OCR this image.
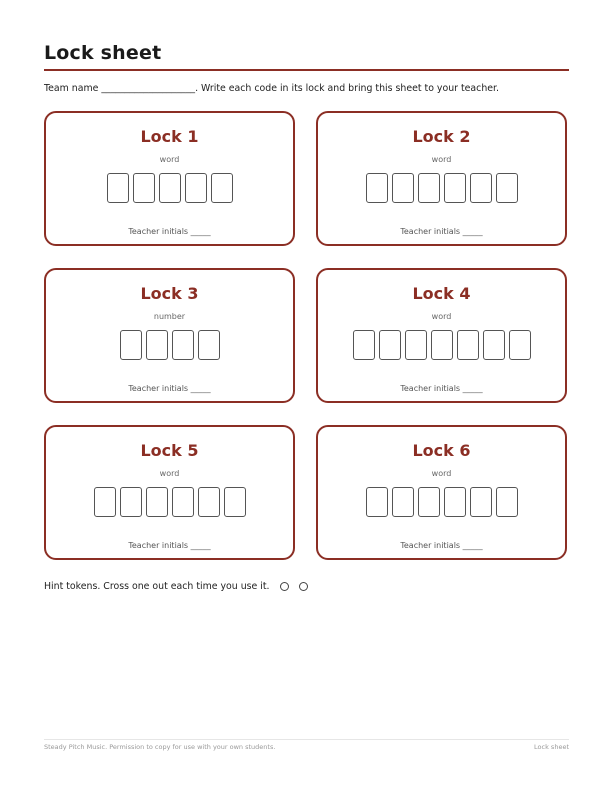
Lock sheet
Team name ____________________. Write each code in its lock and bring this sheet to your teacher.
Lock 1
word
Teacher initials _____
Lock 2
word
Teacher initials _____
Lock 3
number
Teacher initials _____
Lock 4
word
Teacher initials _____
Lock 5
word
Teacher initials _____
Lock 6
word
Teacher initials _____
Hint tokens. Cross one out each time you use it.
Steady Pitch Music. Permission to copy for use with your own students.	Lock sheet
